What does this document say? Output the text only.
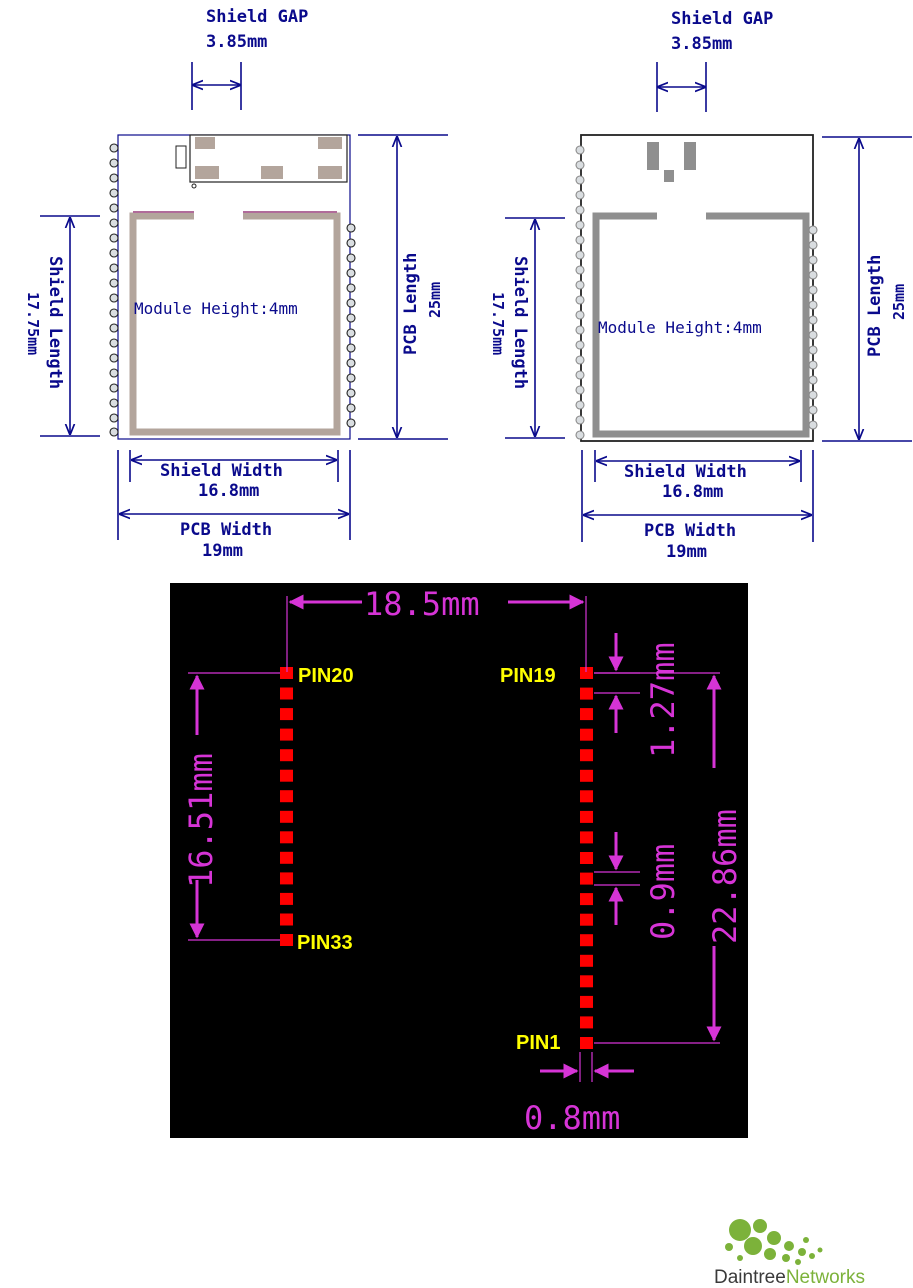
Shield GAP
3.85mm
Module Height:4mm
Shield Length
17.75mm	PCB Length 25mm
Shield Width
16.8mm
PCB Width
19mm
Shield GAP
3.85mm
Module Height:4mm
Shield Length
17.75mm	PCB Length 25mm
Shield Width
16.8mm
PCB Width
19mm
18.5mm
PIN20	PIN19
PIN33
PIN1
16.51mm
1.27mm
0.9mm 22.86mm
0.8mm
DaintreeNetworks
